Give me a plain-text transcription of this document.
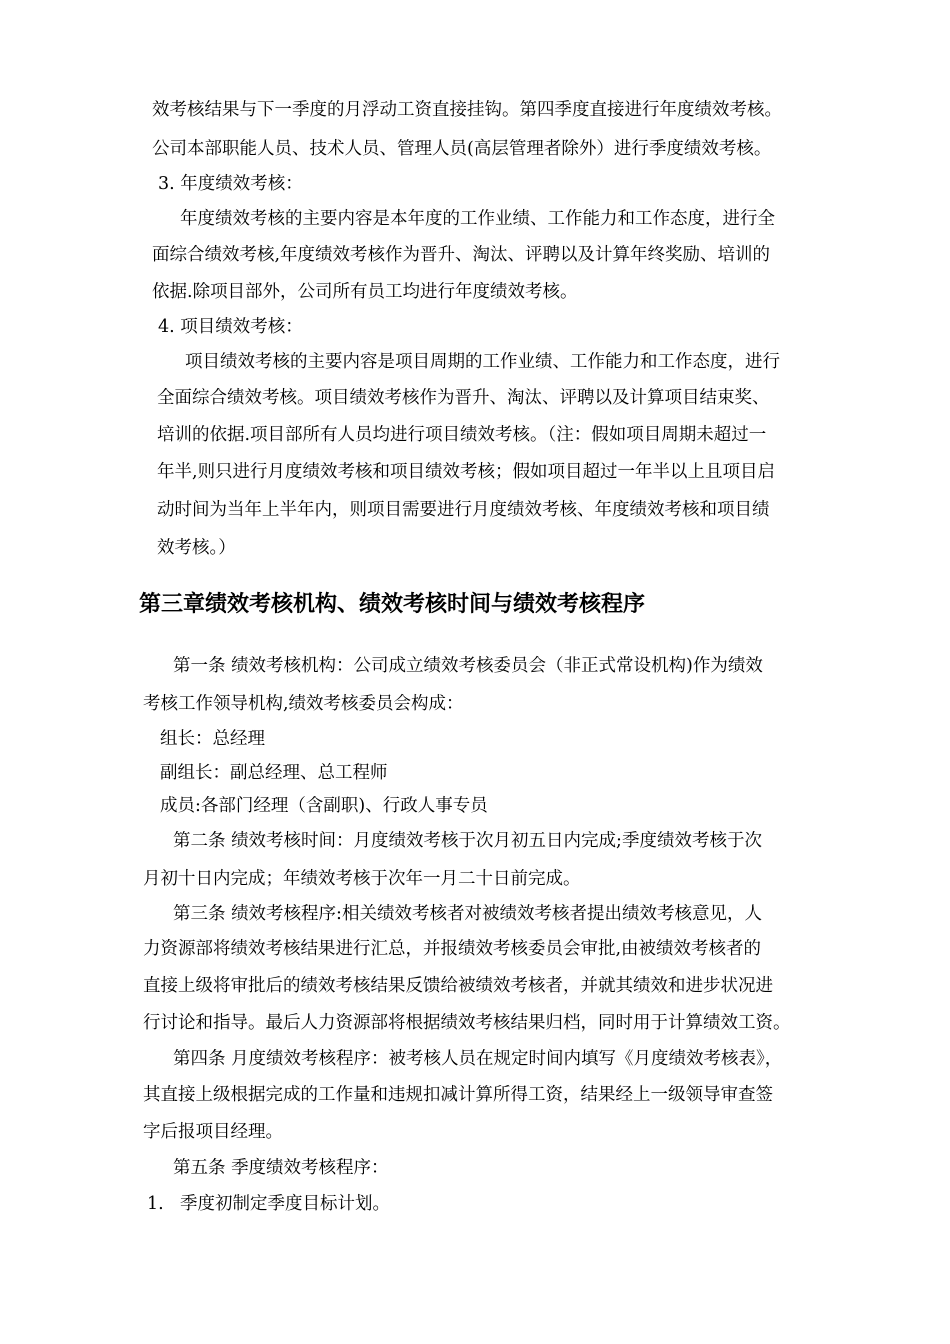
效考核结果与下一季度的月浮动工资直接挂钩。第四季度直接进行年度绩效考核。
公司本部职能人员、技术人员、管理人员(高层管理者除外）进行季度绩效考核。
3. 年度绩效考核：
年度绩效考核的主要内容是本年度的工作业绩、工作能力和工作态度，进行全
面综合绩效考核,年度绩效考核作为晋升、淘汰、评聘以及计算年终奖励、培训的
依据.除项目部外，公司所有员工均进行年度绩效考核。
4. 项目绩效考核：
项目绩效考核的主要内容是项目周期的工作业绩、工作能力和工作态度，进行
全面综合绩效考核。项目绩效考核作为晋升、淘汰、评聘以及计算项目结束奖、
培训的依据.项目部所有人员均进行项目绩效考核。（注：假如项目周期未超过一
年半,则只进行月度绩效考核和项目绩效考核；假如项目超过一年半以上且项目启
动时间为当年上半年内，则项目需要进行月度绩效考核、年度绩效考核和项目绩
效考核。）
第三章绩效考核机构、绩效考核时间与绩效考核程序
第一条 绩效考核机构：公司成立绩效考核委员会（非正式常设机构)作为绩效
考核工作领导机构,绩效考核委员会构成：
组长：总经理
副组长：副总经理、总工程师
成员:各部门经理（含副职)、行政人事专员
第二条 绩效考核时间：月度绩效考核于次月初五日内完成;季度绩效考核于次
月初十日内完成；年绩效考核于次年一月二十日前完成。
第三条 绩效考核程序:相关绩效考核者对被绩效考核者提出绩效考核意见，人
力资源部将绩效考核结果进行汇总，并报绩效考核委员会审批,由被绩效考核者的
直接上级将审批后的绩效考核结果反馈给被绩效考核者，并就其绩效和进步状况进
行讨论和指导。最后人力资源部将根据绩效考核结果归档，同时用于计算绩效工资。
第四条 月度绩效考核程序：被考核人员在规定时间内填写《月度绩效考核表》，
其直接上级根据完成的工作量和违规扣减计算所得工资，结果经上一级领导审查签
字后报项目经理。
第五条 季度绩效考核程序：
1. 季度初制定季度目标计划。
